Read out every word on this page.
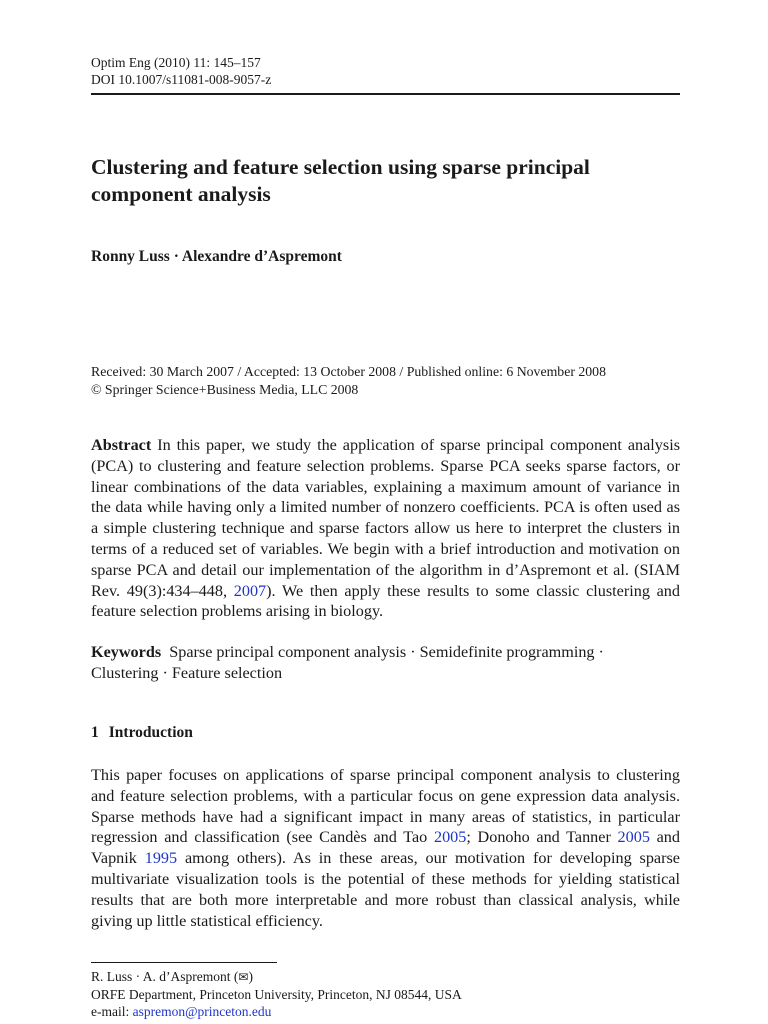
Optim Eng (2010) 11: 145–157
DOI 10.1007/s11081-008-9057-z
Clustering and feature selection using sparse principal
component analysis
Ronny Luss · Alexandre d’Aspremont
Received: 30 March 2007 / Accepted: 13 October 2008 / Published online: 6 November 2008
© Springer Science+Business Media, LLC 2008
Abstract In this paper, we study the application of sparse principal component analysis (PCA) to clustering and feature selection problems. Sparse PCA seeks sparse factors, or linear combinations of the data variables, explaining a maximum amount of variance in the data while having only a limited number of nonzero coefficients. PCA is often used as a simple clustering technique and sparse factors allow us here to interpret the clusters in terms of a reduced set of variables. We begin with a brief introduction and motivation on sparse PCA and detail our implementation of the algorithm in d’Aspremont et al. (SIAM Rev. 49(3):434–448, 2007). We then apply these results to some classic clustering and feature selection problems arising in biology.
Keywords Sparse principal component analysis · Semidefinite programming ·
Clustering · Feature selection
1 Introduction
This paper focuses on applications of sparse principal component analysis to clustering and feature selection problems, with a particular focus on gene expression data analysis. Sparse methods have had a significant impact in many areas of statistics, in particular regression and classification (see Candès and Tao 2005; Donoho and Tanner 2005 and Vapnik 1995 among others). As in these areas, our motivation for developing sparse multivariate visualization tools is the potential of these methods for yielding statistical results that are both more interpretable and more robust than classical analysis, while giving up little statistical efficiency.
R. Luss · A. d’Aspremont (✉)
ORFE Department, Princeton University, Princeton, NJ 08544, USA
e-mail: aspremon@princeton.edu
